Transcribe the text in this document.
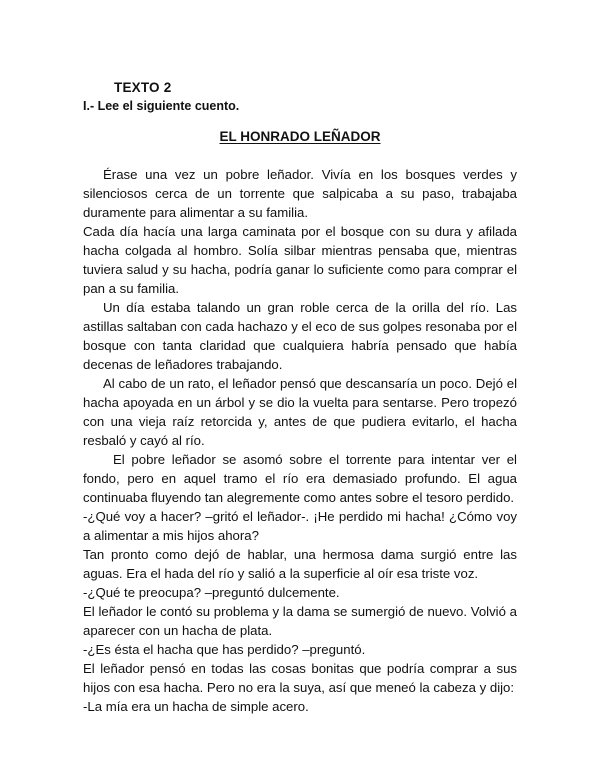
TEXTO 2
I.- Lee el siguiente cuento.
EL HONRADO LEÑADOR

Érase una vez un pobre leñador. Vivía en los bosques verdes y silenciosos cerca de un torrente que salpicaba a su paso, trabajaba duramente para alimentar a su familia.

Cada día hacía una larga caminata por el bosque con su dura y afilada hacha colgada al hombro. Solía silbar mientras pensaba que, mientras tuviera salud y su hacha, podría ganar lo suficiente como para comprar el pan a su familia.

Un día estaba talando un gran roble cerca de la orilla del río. Las astillas saltaban con cada hachazo y el eco de sus golpes resonaba por el bosque con tanta claridad que cualquiera habría pensado que había decenas de leñadores trabajando.

Al cabo de un rato, el leñador pensó que descansaría un poco. Dejó el hacha apoyada en un árbol y se dio la vuelta para sentarse. Pero tropezó con una vieja raíz retorcida y, antes de que pudiera evitarlo, el hacha resbaló y cayó al río.

El pobre leñador se asomó sobre el torrente para intentar ver el fondo, pero en aquel tramo el río era demasiado profundo. El agua continuaba fluyendo tan alegremente como antes sobre el tesoro perdido.

-¿Qué voy a hacer? –gritó el leñador-. ¡He perdido mi hacha! ¿Cómo voy a alimentar a mis hijos ahora?

Tan pronto como dejó de hablar, una hermosa dama surgió entre las aguas. Era el hada del río y salió a la superficie al oír esa triste voz.

-¿Qué te preocupa? –preguntó dulcemente.

El leñador le contó su problema y la dama se sumergió de nuevo. Volvió a aparecer con un hacha de plata.

-¿Es ésta el hacha que has perdido? –preguntó.

El leñador pensó en todas las cosas bonitas que podría comprar a sus hijos con esa hacha. Pero no era la suya, así que meneó la cabeza y dijo:

-La mía era un hacha de simple acero.
